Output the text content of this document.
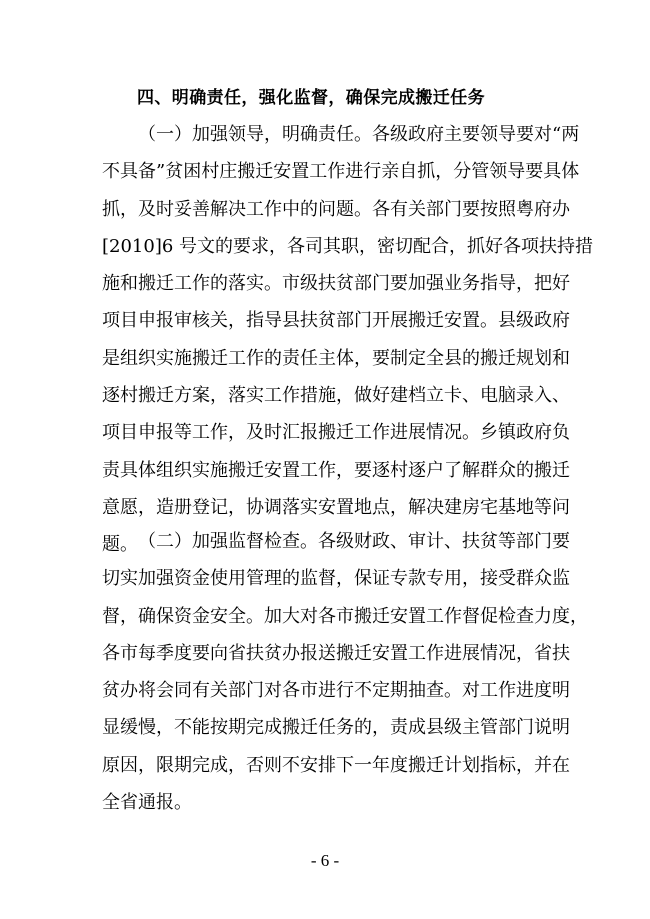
四、明确责任，强化监督，确保完成搬迁任务
（一）加强领导，明确责任。各级政府主要领导要对“两
不具备”贫困村庄搬迁安置工作进行亲自抓，分管领导要具体
抓，及时妥善解决工作中的问题。各有关部门要按照粤府办
[2010]6 号文的要求，各司其职，密切配合，抓好各项扶持措
施和搬迁工作的落实。市级扶贫部门要加强业务指导，把好
项目申报审核关，指导县扶贫部门开展搬迁安置。县级政府
是组织实施搬迁工作的责任主体，要制定全县的搬迁规划和
逐村搬迁方案，落实工作措施，做好建档立卡、电脑录入、
项目申报等工作，及时汇报搬迁工作进展情况。乡镇政府负
责具体组织实施搬迁安置工作，要逐村逐户了解群众的搬迁
意愿，造册登记，协调落实安置地点，解决建房宅基地等问
题。 （二）加强监督检查。各级财政、审计、扶贫等部门要
切实加强资金使用管理的监督，保证专款专用，接受群众监
督，确保资金安全。加大对各市搬迁安置工作督促检查力度，
各市每季度要向省扶贫办报送搬迁安置工作进展情况，省扶
贫办将会同有关部门对各市进行不定期抽查。对工作进度明
显缓慢，不能按期完成搬迁任务的，责成县级主管部门说明
原因，限期完成，否则不安排下一年度搬迁计划指标，并在
全省通报。
- 6 -
